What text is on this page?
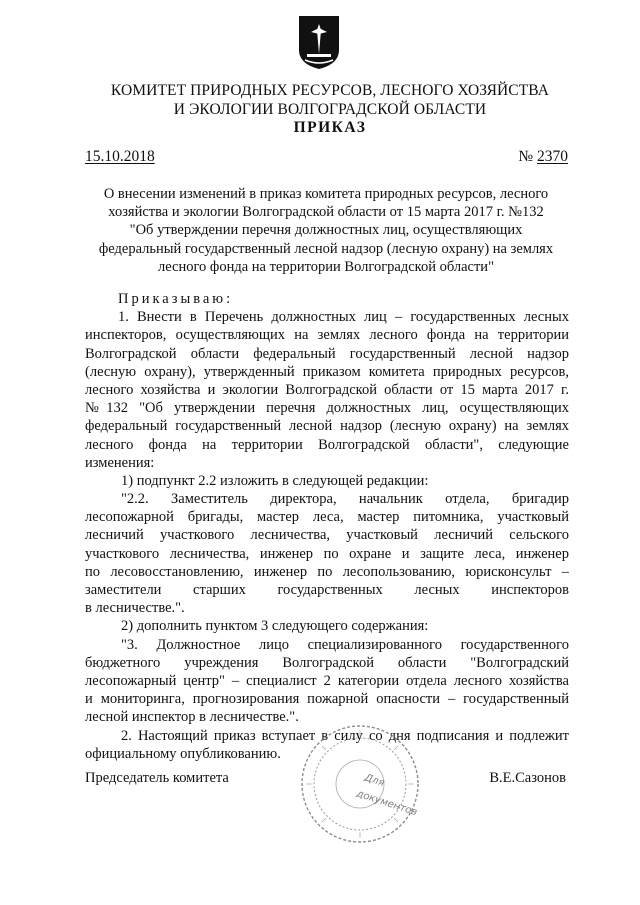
КОМИТЕТ ПРИРОДНЫХ РЕСУРСОВ, ЛЕСНОГО ХОЗЯЙСТВА
И ЭКОЛОГИИ ВОЛГОГРАДСКОЙ ОБЛАСТИ
ПРИКАЗ
15.10.2018	№ 2370
О внесении изменений в приказ комитета природных ресурсов, лесного
хозяйства и экологии Волгоградской области от 15 марта 2017 г. №132
"Об утверждении перечня должностных лиц, осуществляющих
федеральный государственный лесной надзор (лесную охрану) на землях
лесного фонда на территории Волгоградской области"
Приказываю:
1. Внести в Перечень должностных лиц – государственных лесных
инспекторов, осуществляющих на землях лесного фонда на территории
Волгоградской области федеральный государственный лесной надзор
(лесную охрану), утвержденный приказом комитета природных ресурсов,
лесного хозяйства и экологии Волгоградской области от 15 марта 2017 г.
№132 "Об утверждении перечня должностных лиц, осуществляющих
федеральный государственный лесной надзор (лесную охрану) на землях
лесного фонда на территории Волгоградской области", следующие
изменения:
1) подпункт 2.2 изложить в следующей редакции:
"2.2. Заместитель директора, начальник отдела, бригадир
лесопожарной бригады, мастер леса, мастер питомника, участковый
лесничий участкового лесничества, участковый лесничий сельского
участкового лесничества, инженер по охране и защите леса, инженер
по лесовосстановлению, инженер по лесопользованию, юрисконсульт –
заместители старших государственных лесных инспекторов
в лесничестве.".
2) дополнить пунктом 3 следующего содержания:
"3. Должностное лицо специализированного государственного
бюджетного учреждения Волгоградской области "Волгоградский
лесопожарный центр" – специалист 2 категории отдела лесного хозяйства
и мониторинга, прогнозирования пожарной опасности – государственный
лесной инспектор в лесничестве.".
2. Настоящий приказ вступает в силу со дня подписания и подлежит
официальному опубликованию.
Для
документов
Председатель комитета	В.Е.Сазонов
